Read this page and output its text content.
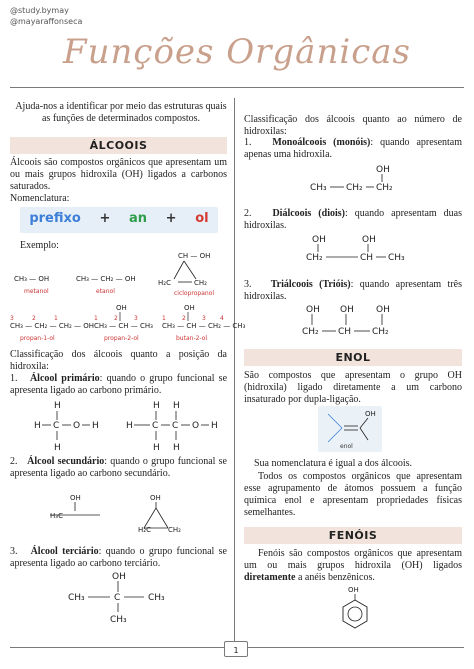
@study.bymay
@mayaraffonseca
Funções Orgânicas
Ajuda-nos a identificar por meio das estruturas quais as funções de determinados compostos.
ÁLCOOIS
Álcoois são compostos orgânicos que apresentam um ou mais grupos hidroxila (OH) ligados a carbonos saturados.
Nomenclatura:
prefixo + an + ol
Exemplo:
CH₃ — OH
metanol
CH₃ — CH₂ — OH
etanol
CH — OH
H₂C	CH₂
ciclopropanol
CH₃ — CH₂ — CH₂ — OH
3	2	1
propan-1-ol
OH
CH₃ — CH — CH₃
1	2	3
propan-2-ol
OH
CH₃ — CH — CH₂ — CH₃
1	2	3 4
butan-2-ol
Classificação dos álcoois quanto a posição da hidroxila:
1. Álcool primário: quando o grupo funcional se apresenta ligado ao carbono primário.
H
H C O H
H
H H
H C C O H
H H
2. Álcool secundário: quando o grupo funcional se apresenta ligado ao carbono secundário.
OH
H₃C
OH
H₂C CH₂
3. Álcool terciário: quando o grupo funcional se apresenta ligado ao carbono terciário.
OH
CH₃	C	CH₃
CH₃
Classificação dos álcoois quanto ao número de hidroxilas:
1. Monoálcoois (monóis): quando apresentam apenas uma hidroxila.
OH
CH₃ CH₂ CH₂
2. Diálcoois (diois): quando apresentam duas hidroxilas.
OH	OH
CH₂	CH CH₃
3. Triálcoois (Trióis): quando apresentam três hidroxilas.
OH OH OH
CH₂ CH CH₂
ENOL
São compostos que apresentam o grupo OH (hidroxila) ligado diretamente a um carbono insaturado por dupla-ligação.
OH
enol
Sua nomenclatura é igual a dos álcoois.
Todos os compostos orgânicos que apresentam esse agrupamento de átomos possuem a função química enol e apresentam propriedades físicas semelhantes.
FENÓIS
Fenóis são compostos orgânicos que apresentam um ou mais grupos hidroxila (OH) ligados diretamente a anéis benzênicos.
OH
1
